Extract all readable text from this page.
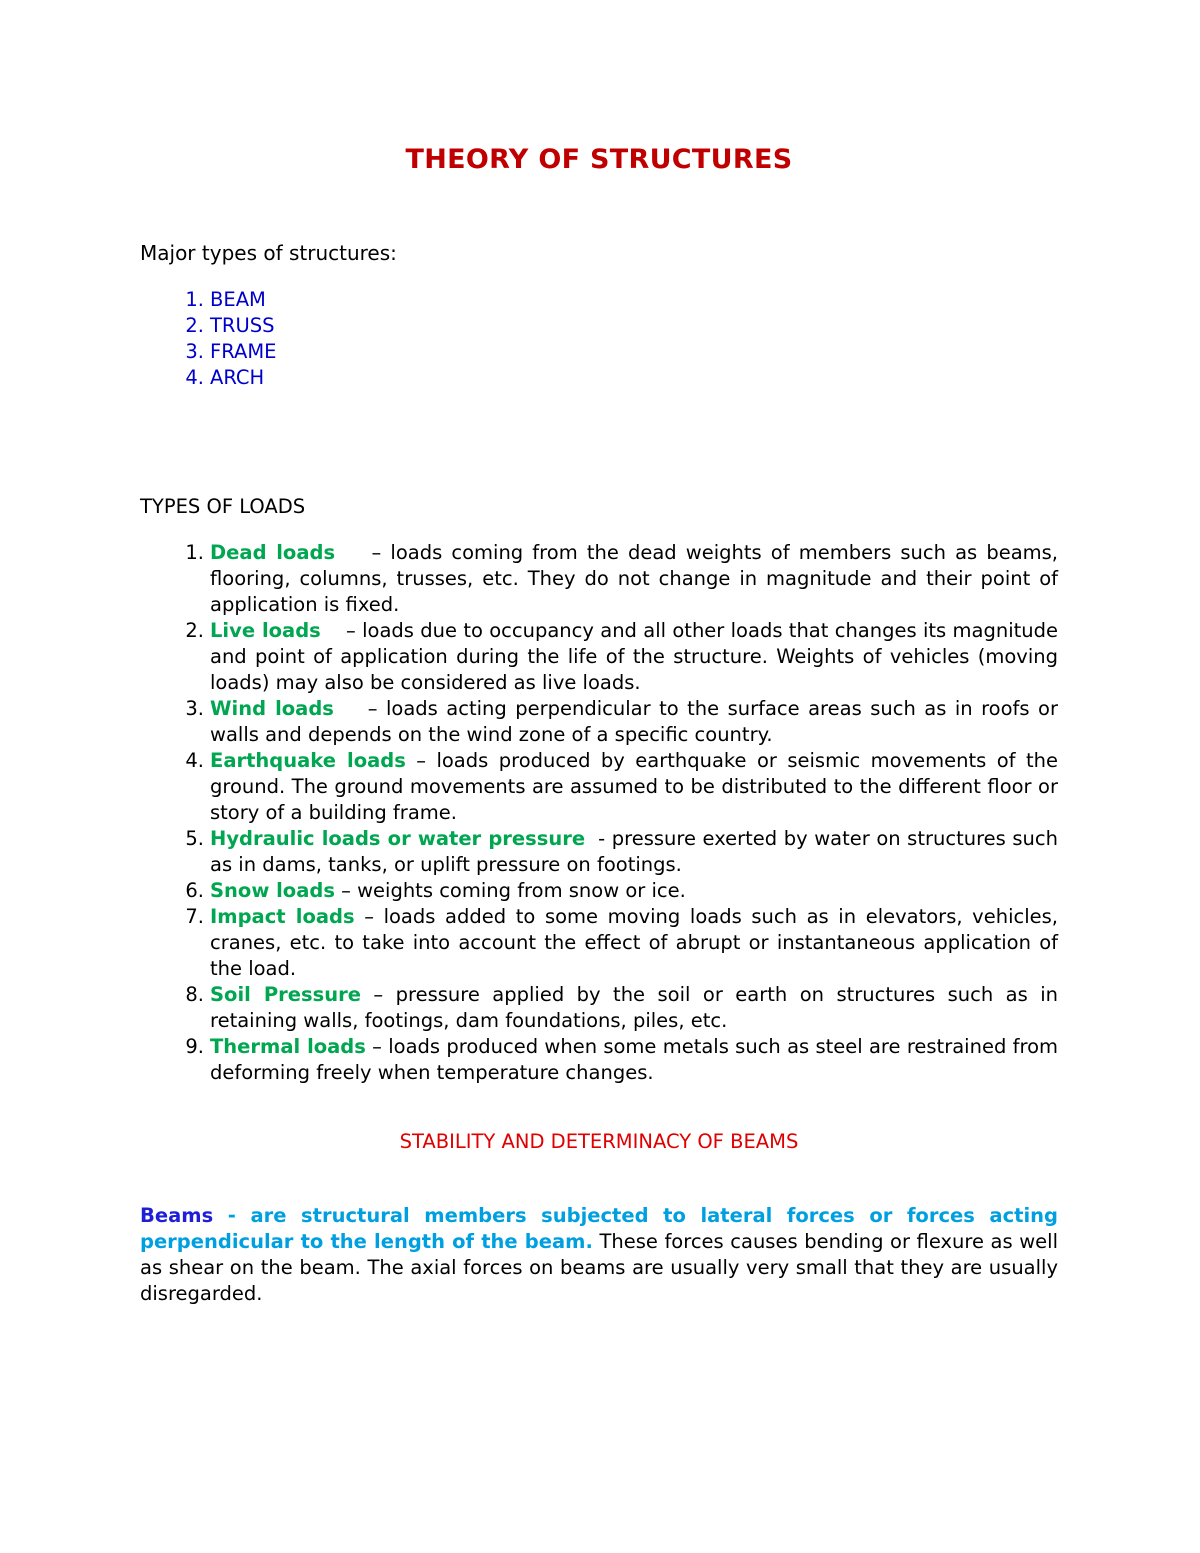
THEORY OF STRUCTURES
Major types of structures:
1. BEAM
2. TRUSS
3. FRAME
4. ARCH
TYPES OF LOADS
1. Dead loads    – loads coming from the dead weights of members such as beams, flooring, columns, trusses, etc. They do not change in magnitude and their point of application is fixed.
2. Live loads    – loads due to occupancy and all other loads that changes its magnitude and point of application during the life of the structure. Weights of vehicles (moving loads) may also be considered as live loads.
3. Wind loads    – loads acting perpendicular to the surface areas such as in roofs or walls and depends on the wind zone of a specific country.
4. Earthquake loads – loads produced by earthquake or seismic movements of the ground. The ground movements are assumed to be distributed to the different floor or story of a building frame.
5. Hydraulic loads or water pressure  - pressure exerted by water on structures such as in dams, tanks, or uplift pressure on footings.
6. Snow loads – weights coming from snow or ice.
7. Impact loads – loads added to some moving loads such as in elevators, vehicles, cranes, etc. to take into account the effect of abrupt or instantaneous application of the load.
8. Soil Pressure – pressure applied by the soil or earth on structures such as in retaining walls, footings, dam foundations, piles, etc.
9. Thermal loads – loads produced when some metals such as steel are restrained from deforming freely when temperature changes.
STABILITY AND DETERMINACY OF BEAMS

Beams - are structural members subjected to lateral forces or forces acting perpendicular to the length of the beam. These forces causes bending or flexure as well as shear on the beam. The axial forces on beams are usually very small that they are usually disregarded.
